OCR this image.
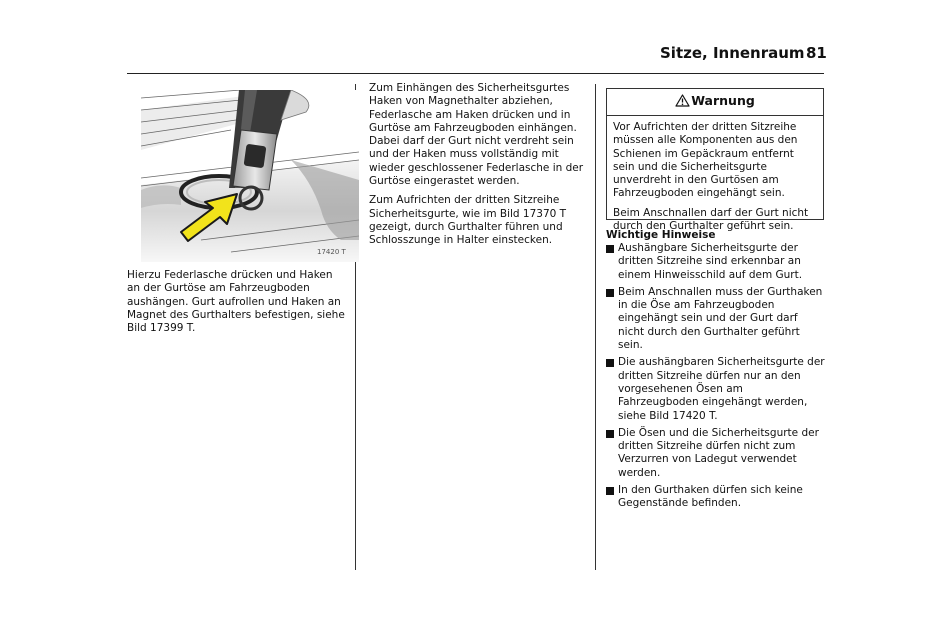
Sitze, Innenraum 81
17420 T
Hierzu Federlasche drücken und Haken an der Gurtöse am Fahrzeugboden aushängen. Gurt aufrollen und Haken an Magnet des Gurthalters befestigen, siehe Bild 17399 T.

Zum Einhängen des Sicherheitsgurtes Haken von Magnethalter abziehen, Federlasche am Haken drücken und in Gurtöse am Fahrzeugboden einhängen. Dabei darf der Gurt nicht verdreht sein und der Haken muss vollständig mit wieder geschlossener Federlasche in der Gurtöse eingerastet werden.

Zum Aufrichten der dritten Sitzreihe Sicherheitsgurte, wie im Bild 17370 T gezeigt, durch Gurthalter führen und Schlosszunge in Halter einstecken.

Warnung

Vor Aufrichten der dritten Sitzreihe müssen alle Komponenten aus den Schienen im Gepäckraum entfernt sein und die Sicherheitsgurte unverdreht in den Gurtösen am Fahrzeugboden eingehängt sein.

Beim Anschnallen darf der Gurt nicht durch den Gurthalter geführt sein.

Wichtige Hinweise
Aushängbare Sicherheitsgurte der dritten Sitzreihe sind erkennbar an einem Hinweisschild auf dem Gurt.
Beim Anschnallen muss der Gurthaken in die Öse am Fahrzeugboden eingehängt sein und der Gurt darf nicht durch den Gurthalter geführt sein.
Die aushängbaren Sicherheitsgurte der dritten Sitzreihe dürfen nur an den vorgesehenen Ösen am Fahrzeugboden eingehängt werden, siehe Bild 17420 T.
Die Ösen und die Sicherheitsgurte der dritten Sitzreihe dürfen nicht zum Verzurren von Ladegut verwendet werden.
In den Gurthaken dürfen sich keine Gegenstände befinden.
